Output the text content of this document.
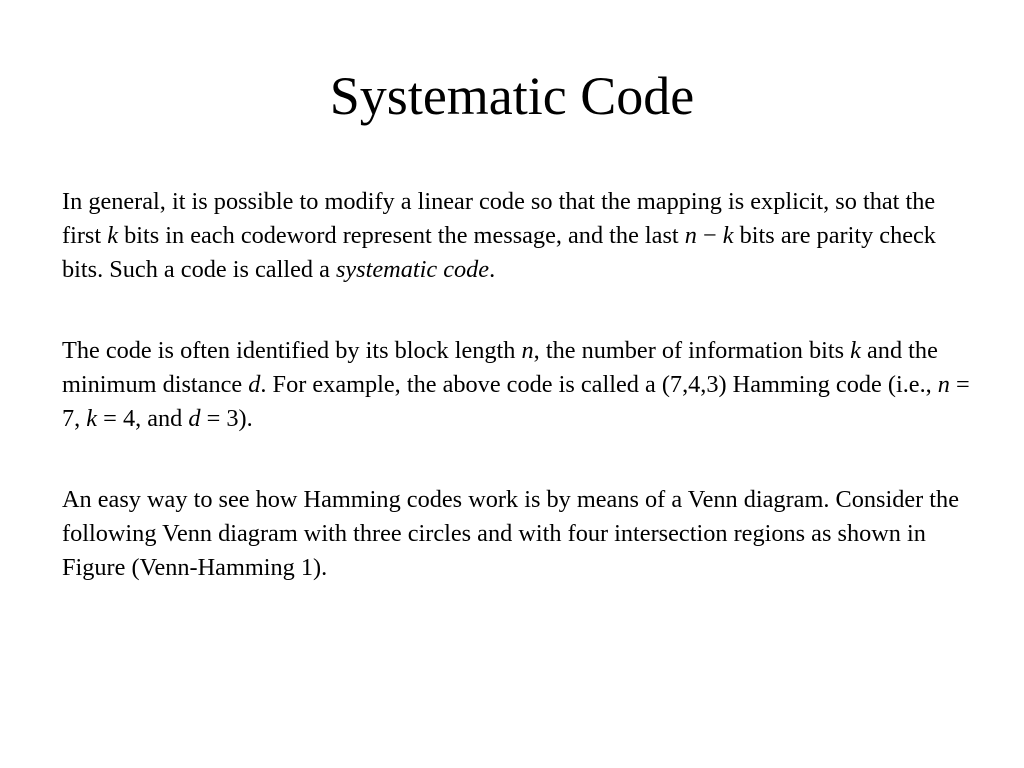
Systematic Code

In general, it is possible to modify a linear code so that the mapping is explicit, so that the first k bits in each codeword represent the message, and the last n − k bits are parity check bits. Such a code is called a systematic code.

The code is often identified by its block length n, the number of information bits k and the minimum distance d. For example, the above code is called a (7,4,3) Hamming code (i.e., n = 7, k = 4, and d = 3).

An easy way to see how Hamming codes work is by means of a Venn diagram. Consider the following Venn diagram with three circles and with four intersection regions as shown in Figure (Venn-Hamming 1).
